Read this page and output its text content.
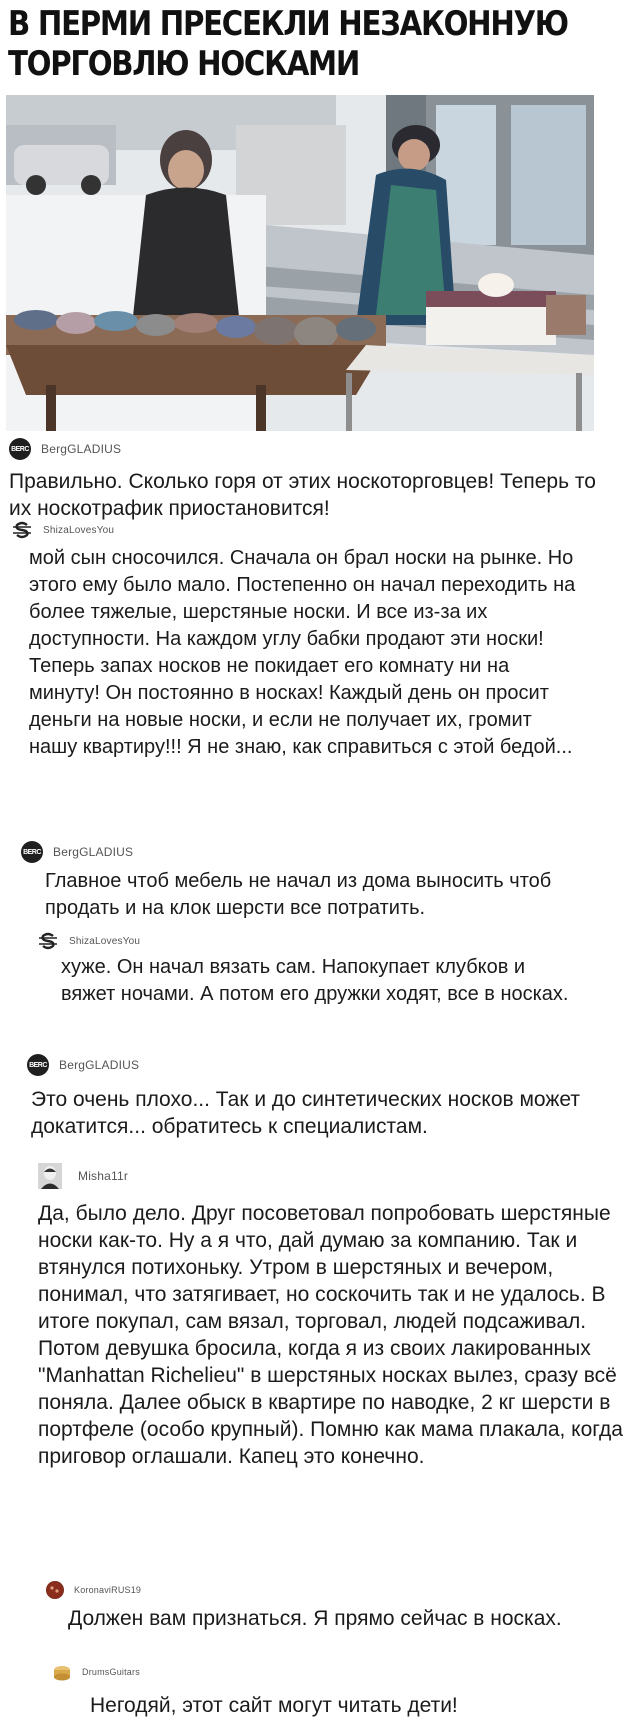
В ПЕРМИ ПРЕСЕКЛИ НЕЗАКОННУЮ
ТОРГОВЛЮ НОСКАМИ
BERC BergGLADIUS
Правильно. Сколько горя от этих носкоторговцев! Теперь то их носкотрафик приостановится!
ShizaLovesYou
мой сын сносочился. Сначала он брал носки на рынке. Но этого ему было мало. Постепенно он начал переходить на более тяжелые, шерстяные носки. И все из-за их доступности. На каждом углу бабки продают эти носки! Теперь запах носков не покидает его комнату ни на минуту! Он постоянно в носках! Каждый день он просит деньги на новые носки, и если не получает их, громит нашу квартиру!!! Я не знаю, как справиться с этой бедой...
BERC BergGLADIUS
Главное чтоб мебель не начал из дома выносить чтоб продать и на клок шерсти все потратить.
ShizaLovesYou
хуже. Он начал вязать сам. Напокупает клубков и вяжет ночами. А потом его дружки ходят, все в носках.
BERC BergGLADIUS
Это очень плохо... Так и до синтетических носков может докатится... обратитесь к специалистам.
Misha11r
Да, было дело. Друг посоветовал попробовать шерстяные носки как-то. Ну а я что, дай думаю за компанию. Так и втянулся потихоньку. Утром в шерстяных и вечером, понимал, что затягивает, но соскочить так и не удалось. В итоге покупал, сам вязал, торговал, людей подсаживал. Потом девушка бросила, когда я из своих лакированных "Manhattan Richelieu" в шерстяных носках вылез, сразу всё поняла. Далее обыск в квартире по наводке, 2 кг шерсти в портфеле (особо крупный). Помню как мама плакала, когда приговор оглашали. Капец это конечно.
KoronaviRUS19
Должен вам признаться. Я прямо сейчас в носках.
DrumsGuitars
Негодяй, этот сайт могут читать дети!
